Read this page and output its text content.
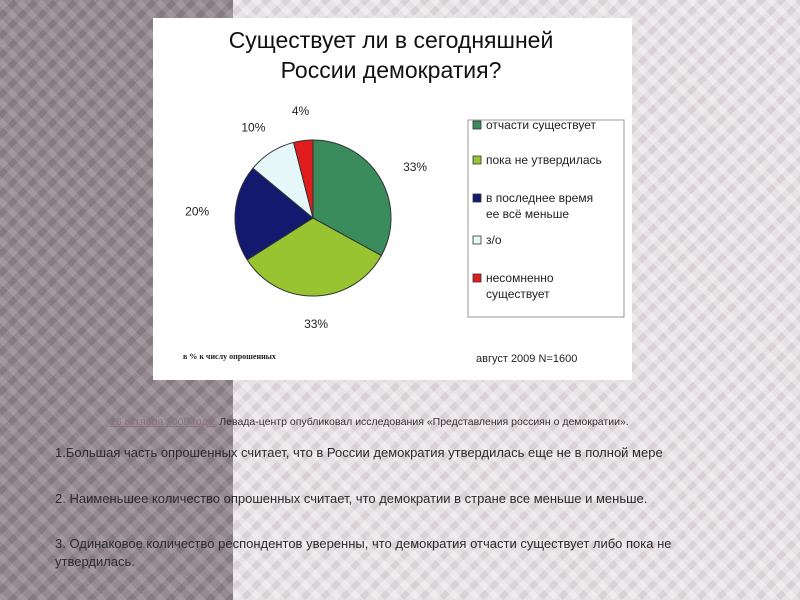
Существует ли в сегодняшней
России демократия?
33%
33%
20%
10%
4%
отчасти существует
пока не утвердилась
в последнее время
ее всё меньше
з/о
несомненно
существует
в % к числу опрошенных	август 2009 N=1600
16 октября 2009 года, Левада-центр опубликовал исследования «Представления россиян о демократии».
1.Большая часть опрошенных считает, что в России демократия утвердилась еще не в полной мере
2. Наименьшее количество опрошенных считает, что демократии в стране все меньше и меньше.
3. Одинаковое количество респондентов уверенны, что демократия отчасти существует либо пока не утвердилась.
